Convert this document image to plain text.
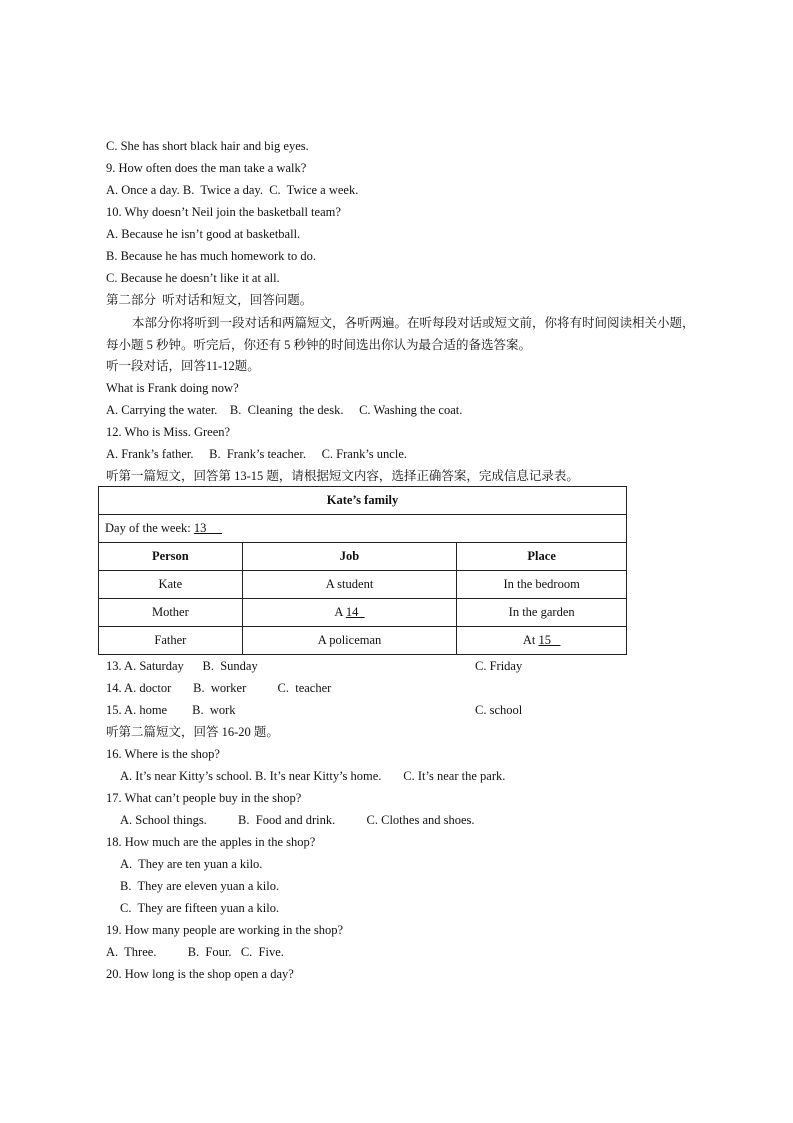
C. She has short black hair and big eyes.
9. How often does the man take a walk?
A. Once a day. B.  Twice a day.  C.  Twice a week.
10. Why doesn’t Neil join the basketball team?
A. Because he isn’t good at basketball.
B. Because he has much homework to do.
C. Because he doesn’t like it at all.
第二部分  听对话和短文，回答问题。
本部分你将听到一段对话和两篇短文，各听两遍。在听每段对话或短文前，你将有时间阅读相关小题，每小题 5 秒钟。听完后，你还有 5 秒钟的时间选出你认为最合适的备选答案。
听一段对话，回答11-12题。
What is Frank doing now?
A. Carrying the water.    B.  Cleaning  the desk.     C. Washing the coat.
12. Who is Miss. Green?
A. Frank’s father.     B.  Frank’s teacher.     C. Frank’s uncle.
听第一篇短文，回答第 13-15 题，请根据短文内容，选择正确答案，完成信息记录表。
Kate’s family		
Day of the week: 13		
Person	Job	Place
Kate	A student	In the bedroom
Mother	A 14	In the garden
Father	A policeman	At 15
13. A. Saturday      B.  Sunday	C. Friday
14. A. doctor       B.  worker          C.  teacher
15. A. home        B.  work	C. school
听第二篇短文，回答 16-20 题。
16. Where is the shop?
A. It’s near Kitty’s school. B. It’s near Kitty’s home.       C. It’s near the park.
17. What can’t people buy in the shop?
A. School things.          B.  Food and drink.          C. Clothes and shoes.
18. How much are the apples in the shop?
A.  They are ten yuan a kilo.
B.  They are eleven yuan a kilo.
C.  They are fifteen yuan a kilo.
19. How many people are working in the shop?
A.  Three.          B.  Four.   C.  Five.
20. How long is the shop open a day?
